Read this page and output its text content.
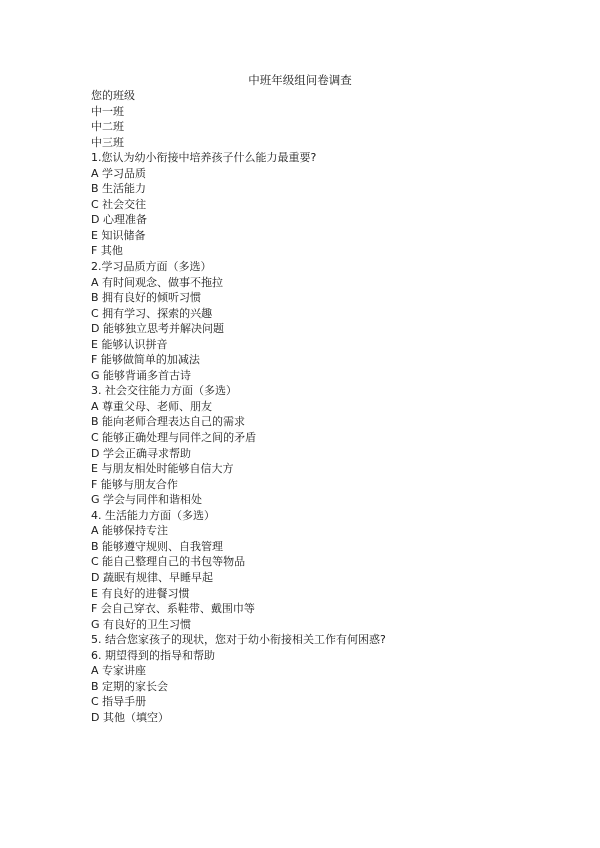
中班年级组问卷调查
您的班级
中一班
中二班
中三班
1.您认为幼小衔接中培养孩子什么能力最重要?
A 学习品质
B 生活能力
C 社会交往
D 心理准备
E 知识储备
F 其他
2.学习品质方面（多选）
A 有时间观念、做事不拖拉
B 拥有良好的倾听习惯
C 拥有学习、探索的兴趣
D 能够独立思考并解决问题
E 能够认识拼音
F 能够做简单的加减法
G 能够背诵多首古诗
3. 社会交往能力方面（多选）
A 尊重父母、老师、朋友
B 能向老师合理表达自己的需求
C 能够正确处理与同伴之间的矛盾
D 学会正确寻求帮助
E 与朋友相处时能够自信大方
F 能够与朋友合作
G 学会与同伴和谐相处
4. 生活能力方面（多选）
A 能够保持专注
B 能够遵守规则、自我管理
C 能自己整理自己的书包等物品
D 蔬眠有规律、早睡早起
E 有良好的进餐习惯
F 会自己穿衣、系鞋带、戴围巾等
G 有良好的卫生习惯
5. 结合您家孩子的现状，您对于幼小衔接相关工作有何困惑?
6. 期望得到的指导和帮助
A 专家讲座
B 定期的家长会
C 指导手册
D 其他（填空）
